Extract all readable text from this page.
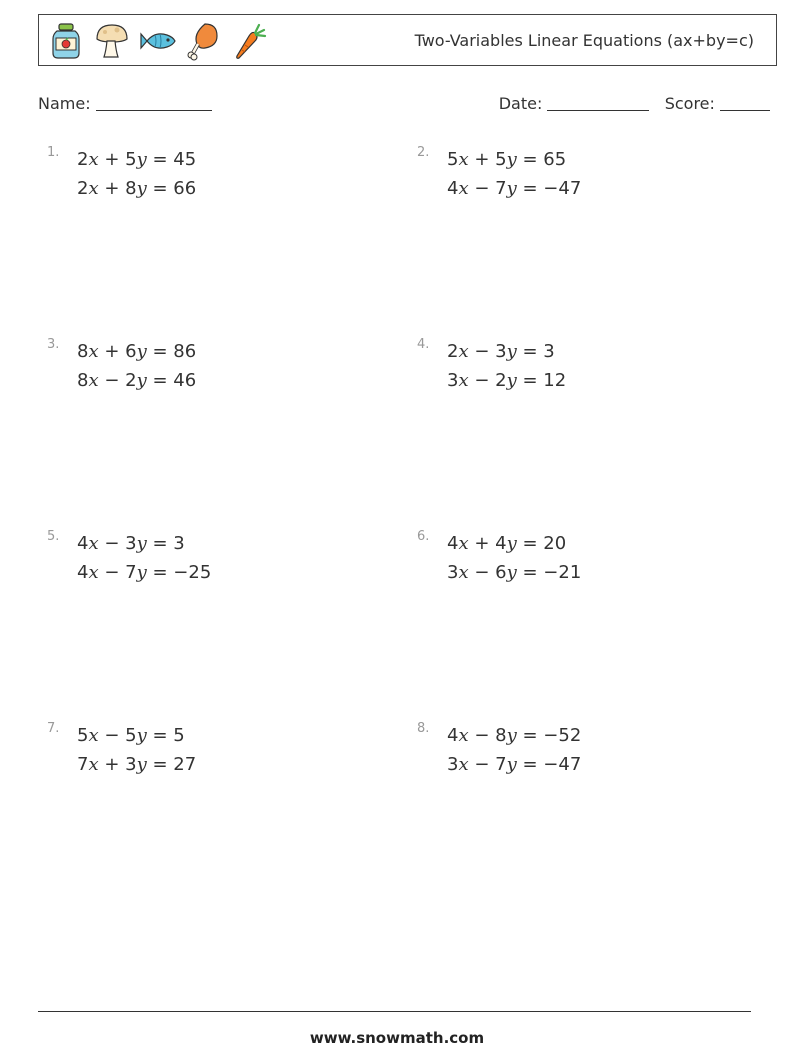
Two-Variables Linear Equations (ax+by=c)
Name:	Date:	Score:
1. 2x + 5y = 45
2x + 8y = 66
2. 5x + 5y = 65
4x − 7y = −47
3. 8x + 6y = 86
8x − 2y = 46
4. 2x − 3y = 3
3x − 2y = 12
5. 4x − 3y = 3
4x − 7y = −25
6. 4x + 4y = 20
3x − 6y = −21
7. 5x − 5y = 5
7x + 3y = 27
8. 4x − 8y = −52
3x − 7y = −47
www.snowmath.com
